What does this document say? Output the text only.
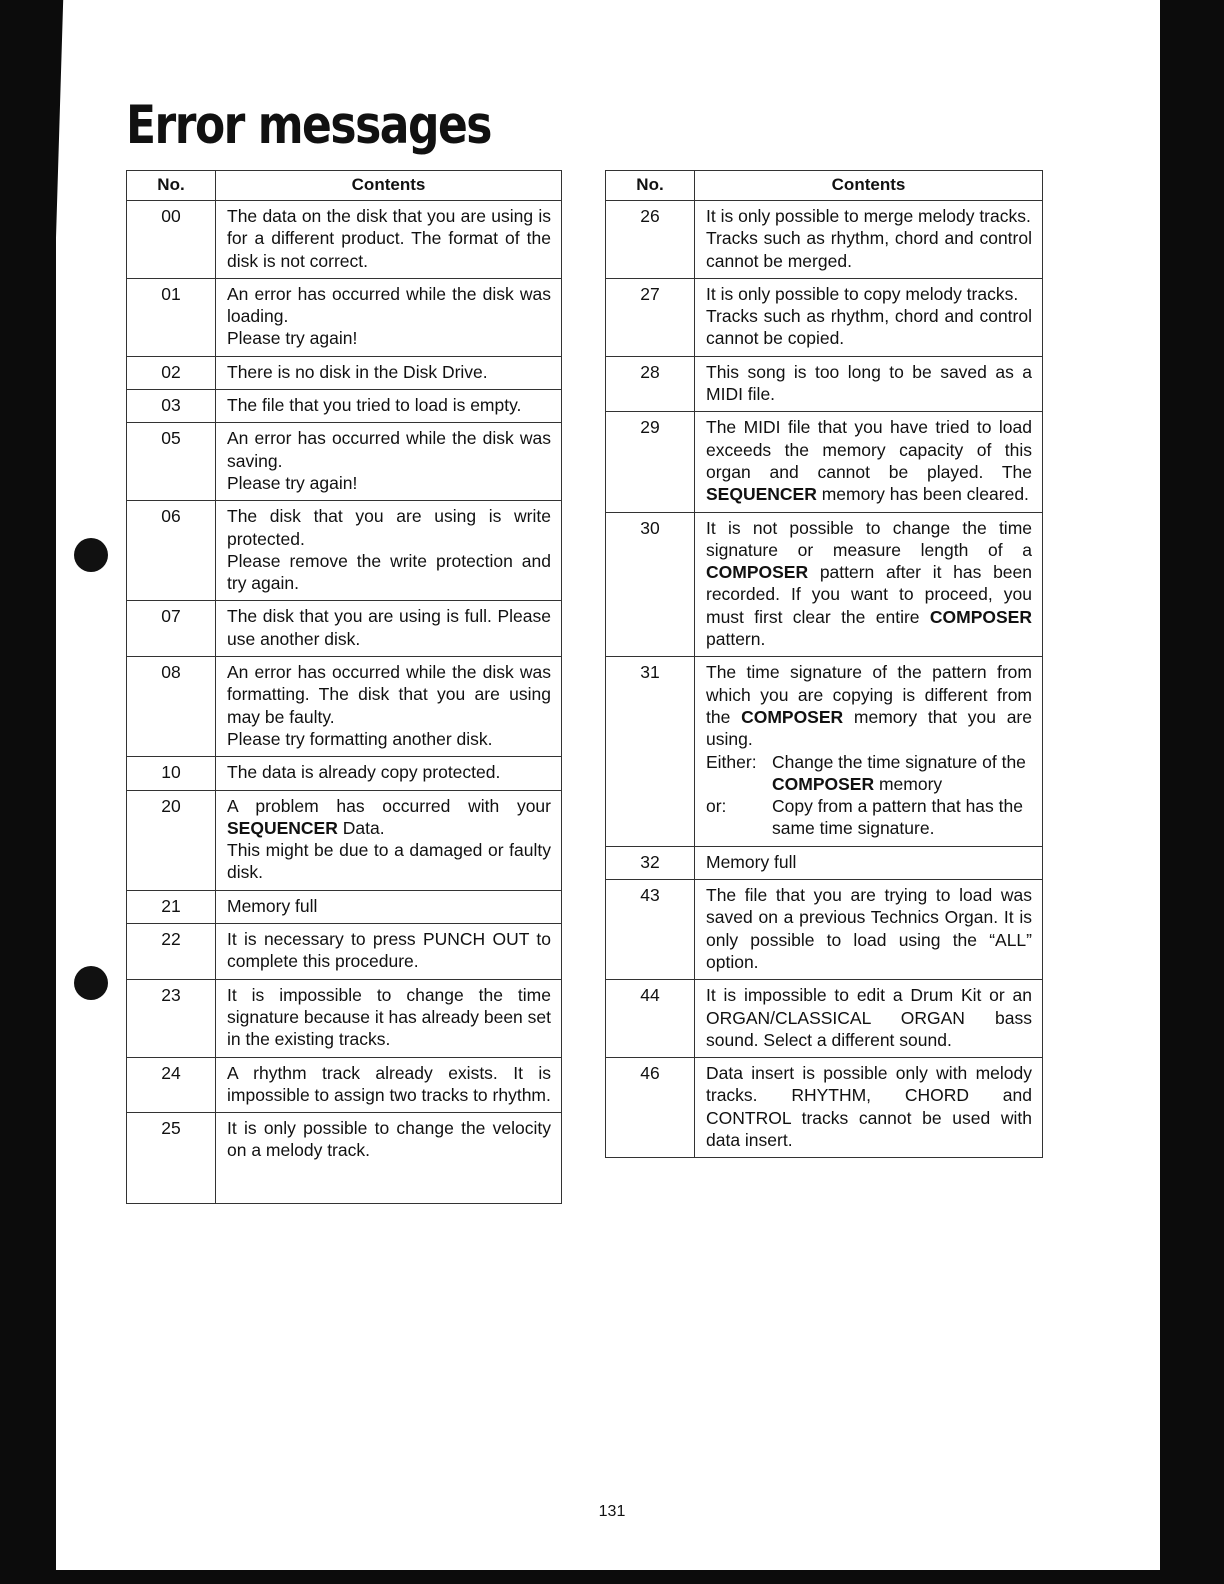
Error messages
No.	Contents
00	The data on the disk that you are using is for a different product. The format of the disk is not correct.

01	An error has occurred while the disk was loading.
Please try again!

02	There is no disk in the Disk Drive.

03	The file that you tried to load is empty.

05	An error has occurred while the disk was saving.
Please try again!

06	The disk that you are using is write protected.
Please remove the write protection and try again.

07	The disk that you are using is full. Please use another disk.

08	An error has occurred while the disk was formatting. The disk that you are using may be faulty.
Please try formatting another disk.

10	The data is already copy protected.

20	A problem has occurred with your SEQUENCER Data.
This might be due to a damaged or faulty disk.

21	Memory full

22	It is necessary to press PUNCH OUT to complete this procedure.

23	It is impossible to change the time signature because it has already been set in the existing tracks.

24	A rhythm track already exists. It is impossible to assign two tracks to rhythm.

25	It is only possible to change the velocity on a melody track.
No.	Contents
26	It is only possible to merge melody tracks.
Tracks such as rhythm, chord and control cannot be merged.

27	It is only possible to copy melody tracks.
Tracks such as rhythm, chord and control cannot be copied.

28	This song is too long to be saved as a MIDI file.

29	The MIDI file that you have tried to load exceeds the memory capacity of this organ and cannot be played. The SEQUENCER memory has been cleared.

30	It is not possible to change the time signature or measure length of a COMPOSER pattern after it has been recorded. If you want to proceed, you must first clear the entire COMPOSER pattern.

31	The time signature of the pattern from which you are copying is different from the COMPOSER memory that you are using.
Either: Change the time signature of the COMPOSER memory
or: Copy from a pattern that has the same time signature.

32	Memory full

43	The file that you are trying to load was saved on a previous Technics Organ. It is only possible to load using the “ALL” option.

44	It is impossible to edit a Drum Kit or an ORGAN/CLASSICAL ORGAN bass sound. Select a different sound.

46	Data insert is possible only with melody tracks. RHYTHM, CHORD and CONTROL tracks cannot be used with data insert.
131
